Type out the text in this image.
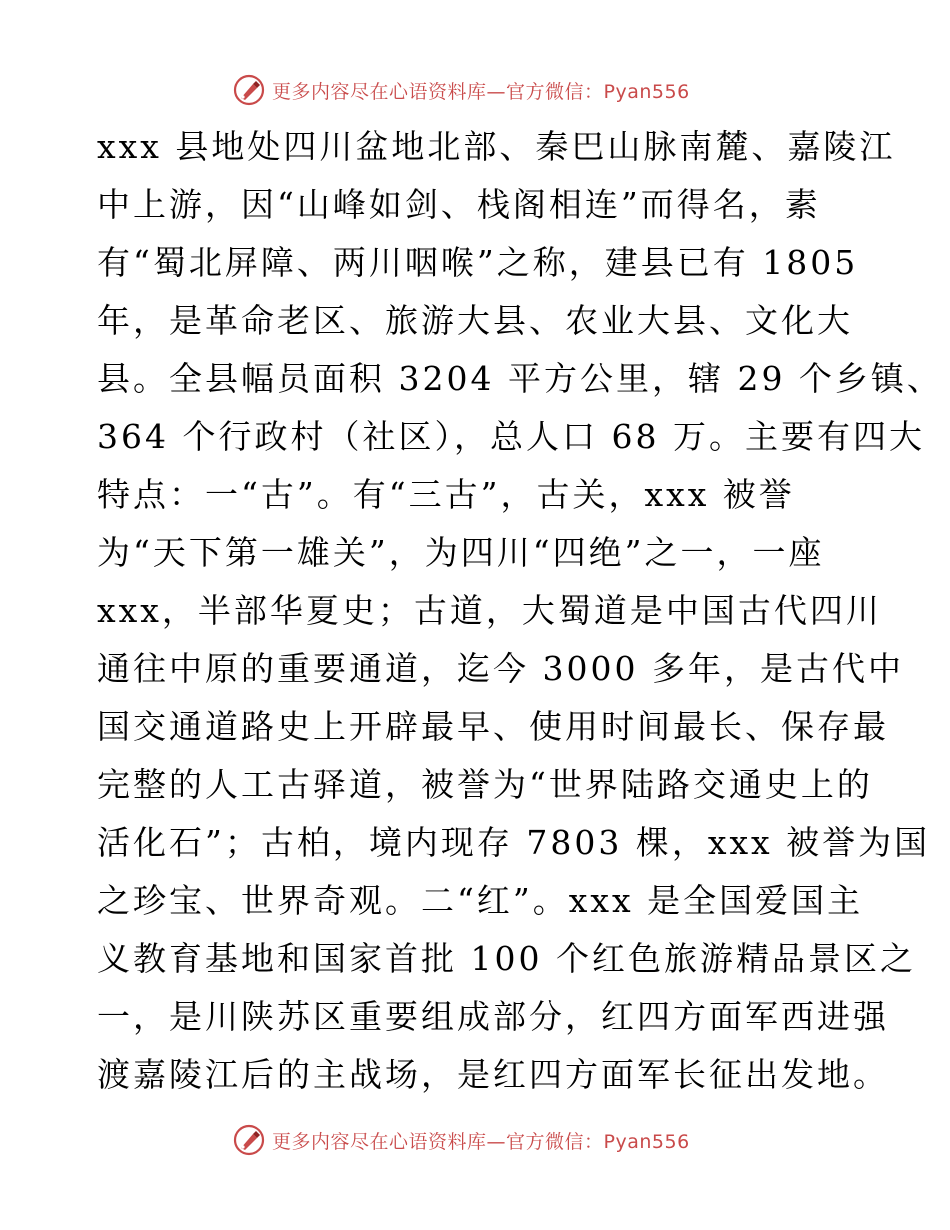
更多内容尽在心语资料库—官方微信：Pyan556
xxx 县地处四川盆地北部、秦巴山脉南麓、嘉陵江
中上游，因“山峰如剑、栈阁相连”而得名，素
有“蜀北屏障、两川咽喉”之称，建县已有 1805
年，是革命老区、旅游大县、农业大县、文化大
县。全县幅员面积 3204 平方公里，辖 29 个乡镇、
364 个行政村（社区），总人口 68 万。主要有四大
特点：一“古”。有“三古”，古关，xxx 被誉
为“天下第一雄关”，为四川“四绝”之一，一座
xxx，半部华夏史；古道，大蜀道是中国古代四川
通往中原的重要通道，迄今 3000 多年，是古代中
国交通道路史上开辟最早、使用时间最长、保存最
完整的人工古驿道，被誉为“世界陆路交通史上的
活化石”；古柏，境内现存 7803 棵，xxx 被誉为国
之珍宝、世界奇观。二“红”。xxx 是全国爱国主
义教育基地和国家首批 100 个红色旅游精品景区之
一，是川陕苏区重要组成部分，红四方面军西进强
渡嘉陵江后的主战场，是红四方面军长征出发地。
更多内容尽在心语资料库—官方微信：Pyan556
